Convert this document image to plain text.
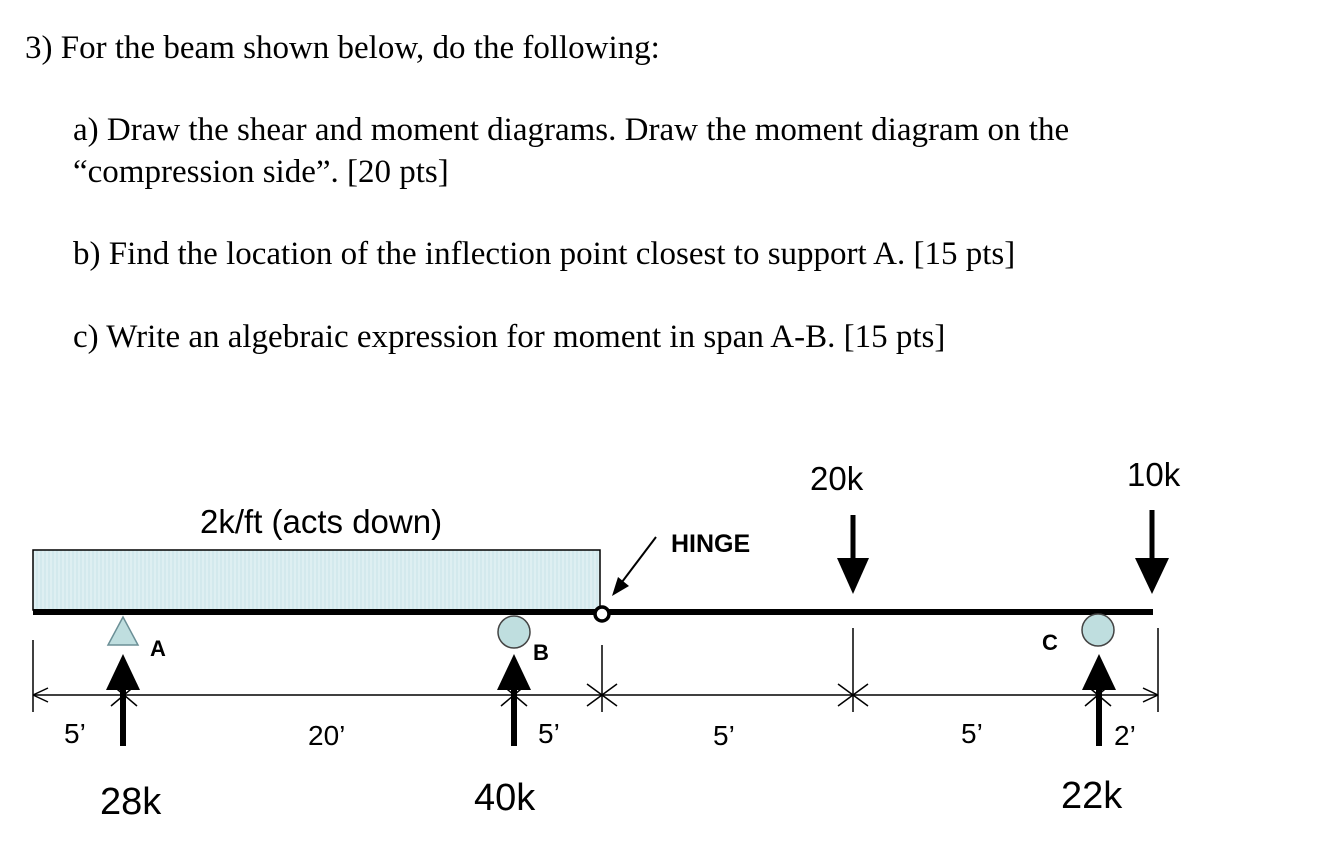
3) For the beam shown below, do the following:
a) Draw the shear and moment diagrams. Draw the moment diagram on the
“compression side”. [20 pts]
b) Find the location of the inflection point closest to support A. [15 pts]
c) Write an algebraic expression for moment in span A-B. [15 pts]
2k/ft (acts down)
HINGE
20k	10k
A	B	C
5’	20’	5’	5’	5’	2’
28k	40k	22k
